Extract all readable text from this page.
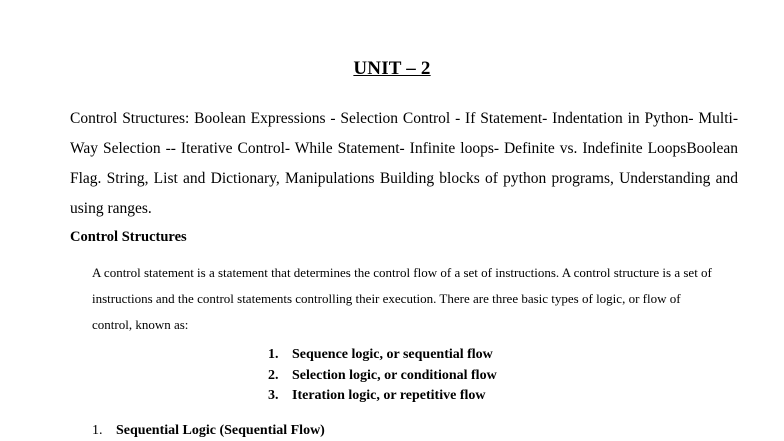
UNIT – 2
Control Structures: Boolean Expressions - Selection Control - If Statement- Indentation in Python- Multi-Way Selection -- Iterative Control- While Statement- Infinite loops- Definite vs. Indefinite LoopsBoolean Flag. String, List and Dictionary, Manipulations Building blocks of python programs, Understanding and using ranges.
Control Structures
A control statement is a statement that determines the control flow of a set of instructions. A control structure is a set of instructions and the control statements controlling their execution. There are three basic types of logic, or flow of control, known as:
1. Sequence logic, or sequential flow
2. Selection logic, or conditional flow
3. Iteration logic, or repetitive flow
1. Sequential Logic (Sequential Flow)
